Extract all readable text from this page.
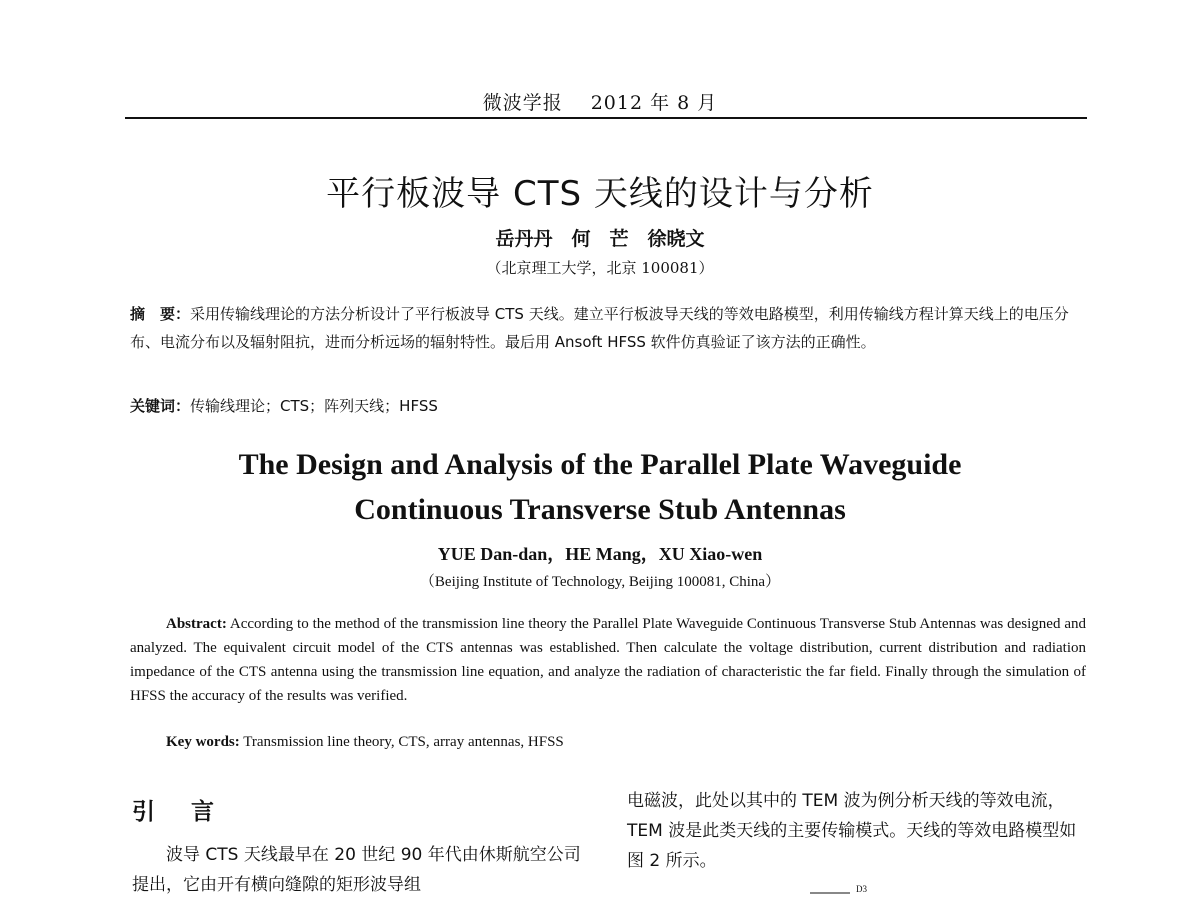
微波学报 2012 年 8 月
平行板波导 CTS 天线的设计与分析
岳丹丹　何　芒　徐晓文
（北京理工大学，北京 100081）
摘　要：采用传输线理论的方法分析设计了平行板波导 CTS 天线。建立平行板波导天线的等效电路模型，利用传输线方程计算天线上的电压分布、电流分布以及辐射阻抗，进而分析远场的辐射特性。最后用 Ansoft HFSS 软件仿真验证了该方法的正确性。
关键词：传输线理论；CTS；阵列天线；HFSS
The Design and Analysis of the Parallel Plate Waveguide
Continuous Transverse Stub Antennas
YUE Dan-dan，HE Mang，XU Xiao-wen
（Beijing Institute of Technology, Beijing 100081, China）
Abstract: According to the method of the transmission line theory the Parallel Plate Waveguide Continuous Transverse Stub Antennas was designed and analyzed. The equivalent circuit model of the CTS antennas was established. Then calculate the voltage distribution, current distribution and radiation impedance of the CTS antenna using the transmission line equation, and analyze the radiation of characteristic the far field. Finally through the simulation of HFSS the accuracy of the results was verified.
Key words: Transmission line theory, CTS, array antennas, HFSS
引 言
波导 CTS 天线最早在 20 世纪 90 年代由休斯航空公司提出，它由开有横向缝隙的矩形波导组
电磁波，此处以其中的 TEM 波为例分析天线的等效电流，TEM 波是此类天线的主要传输模式。天线的等效电路模型如图 2 所示。
D3
